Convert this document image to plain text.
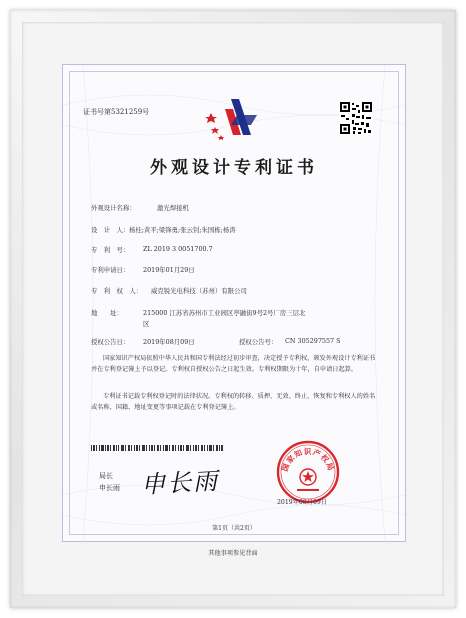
证书号第5321259号
外观设计专利证书
外观设计名称：	激光焊接机
设　计　人： 杨桂;黄平;梁锋勇;张云钊;朱国栋;杨涛
专　利　号： ZL 2019 3 0051700.7
专利申请日： 2019年01月29日
专　利　权　人： 威克锐光电科技（苏州）有限公司
地　　址：	215000 江苏省苏州市工业园区亭融街9号2号厂房三层北
区
授权公告日： 2019年08月09日	授权公告号： CN 305297557 S
国家知识产权局依照中华人民共和国专利法经过初步审查，决定授予专利权，颁发外观设计专利证书并在专利登记簿上予以登记。专利权自授权公告之日起生效。专利权期限为十年，自申请日起算。
专利证书记载专利权登记时的法律状况。专利权的转移、质押、无效、终止、恢复和专利权人的姓名或名称、国籍、地址变更等事项记载在专利登记簿上。
局长
申长雨 申长雨	国家知识产权局
2019年08月09日
第1页（共2页）
其他事项参见背面
